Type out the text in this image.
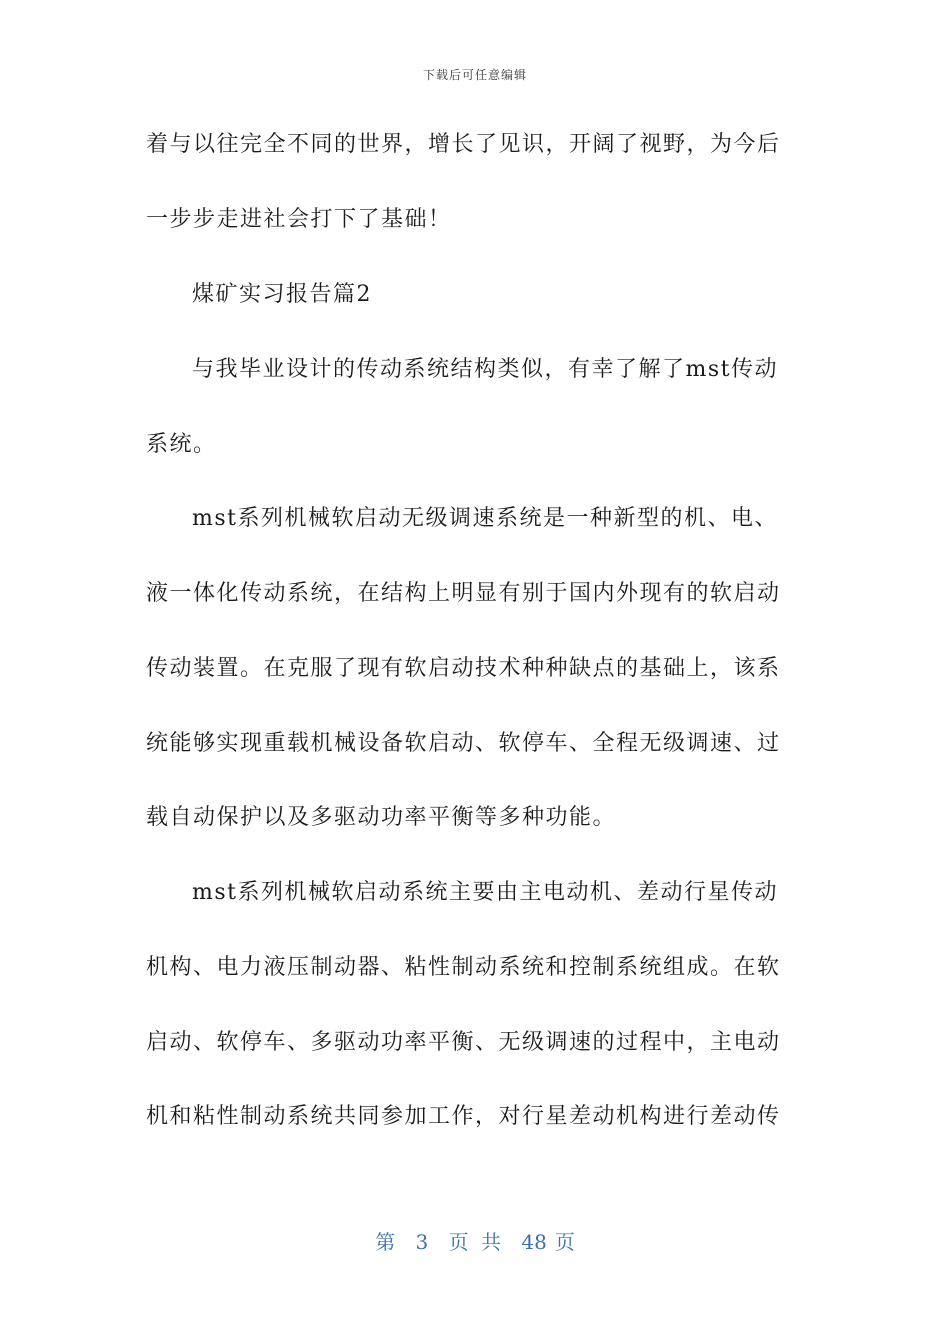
下载后可任意编辑
着与以往完全不同的世界，增长了见识，开阔了视野，为今后
一步步走进社会打下了基础！
煤矿实习报告篇2
与我毕业设计的传动系统结构类似，有幸了解了mst传动
系统。
mst系列机械软启动无级调速系统是一种新型的机、电、
液一体化传动系统，在结构上明显有别于国内外现有的软启动
传动装置。在克服了现有软启动技术种种缺点的基础上，该系
统能够实现重载机械设备软启动、软停车、全程无级调速、过
载自动保护以及多驱动功率平衡等多种功能。
mst系列机械软启动系统主要由主电动机、差动行星传动
机构、电力液压制动器、粘性制动系统和控制系统组成。在软
启动、软停车、多驱动功率平衡、无级调速的过程中，主电动
机和粘性制动系统共同参加工作，对行星差动机构进行差动传
第 3 页 共 48 页
